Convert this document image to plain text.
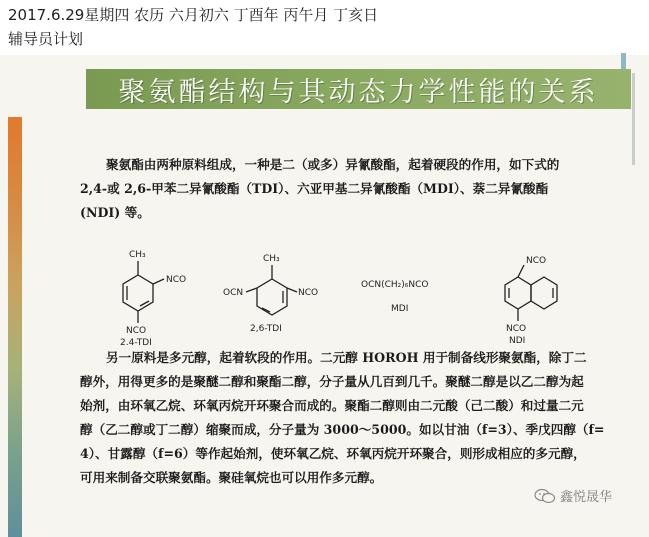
2017.6.29星期四 农历 六月初六 丁酉年 丙午月 丁亥日
辅导员计划
聚氨酯结构与其动态力学性能的关系

聚氨酯由两种原料组成，一种是二（或多）异氰酸酯，起着硬段的作用，如下式的

2,4-或 2,6-甲苯二异氰酸酯（TDI）、六亚甲基二异氰酸酯（MDI）、萘二异氰酸酯

(NDI) 等。

CH₃
NCO
NCO
2,4-TDI
CH₃
OCN	NCO
2,6-TDI
OCN(CH₂)₆NCO
MDI
NCO
NCO
NDI

另一原料是多元醇，起着软段的作用。二元醇 HOROH 用于制备线形聚氨酯，除丁二

醇外，用得更多的是聚醚二醇和聚酯二醇，分子量从几百到几千。聚醚二醇是以乙二醇为起

始剂，由环氧乙烷、环氧丙烷开环聚合而成的。聚酯二醇则由二元酸（己二酸）和过量二元

醇（乙二醇或丁二醇）缩聚而成，分子量为 3000～5000。如以甘油（f=3）、季戊四醇（f=

4）、甘露醇（f=6）等作起始剂，使环氧乙烷、环氧丙烷开环聚合，则形成相应的多元醇，

可用来制备交联聚氨酯。聚硅氧烷也可以用作多元醇。

鑫悦晟华
